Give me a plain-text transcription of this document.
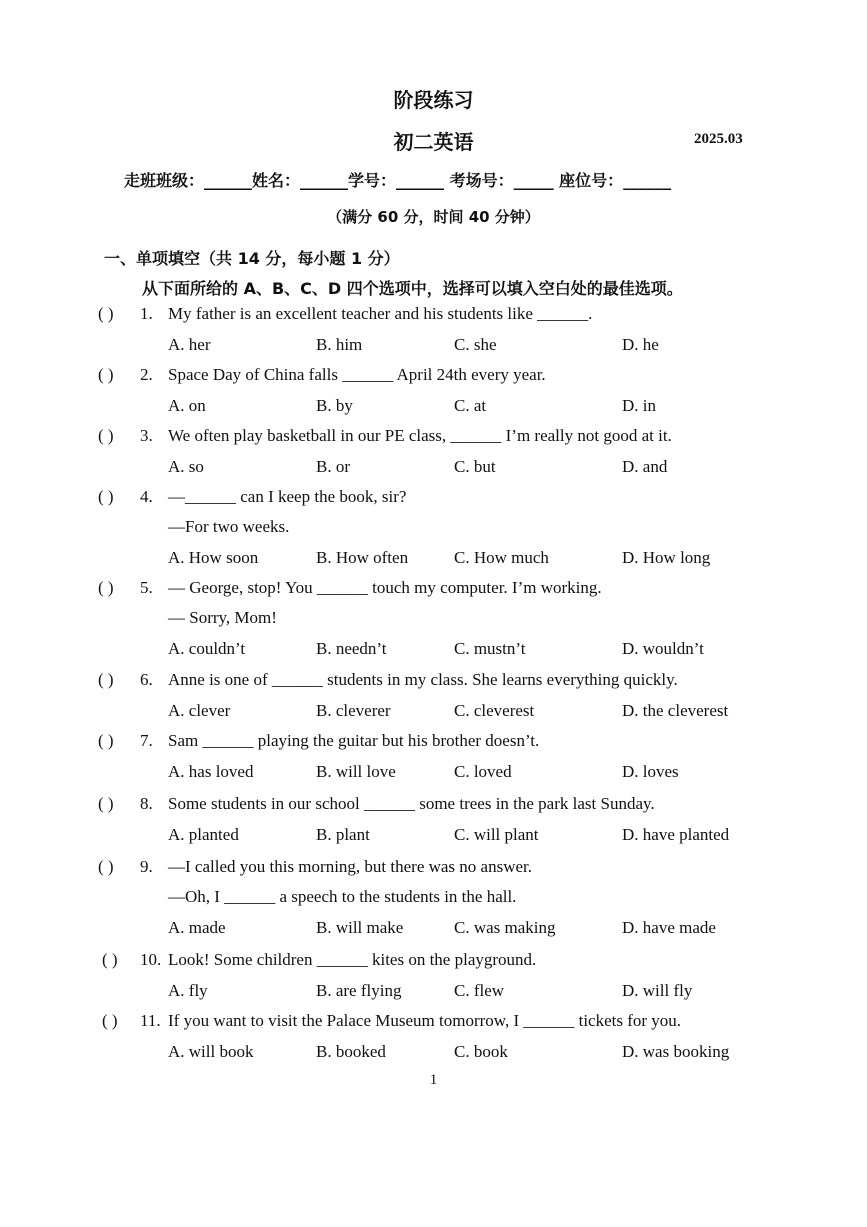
阶段练习
初二英语	2025.03
走班班级：______姓名：______学号：______ 考场号：_____ 座位号：______
（满分 60 分，时间 40 分钟）
一、单项填空（共 14 分，每小题 1 分）
从下面所给的 A、B、C、D 四个选项中，选择可以填入空白处的最佳选项。
( ) 1. My father is an excellent teacher and his students like ______.
A. her	B. him	C. she	D. he
( ) 2. Space Day of China falls ______ April 24th every year.
A. on	B. by	C. at	D. in
( ) 3. We often play basketball in our PE class, ______ I’m really not good at it.
A. so	B. or	C. but	D. and
( ) 4. —______ can I keep the book, sir?
—For two weeks.
A. How soon	B. How often	C. How much	D. How long
( ) 5. — George, stop! You ______ touch my computer. I’m working.
— Sorry, Mom!
A. couldn’t	B. needn’t	C. mustn’t	D. wouldn’t
( ) 6. Anne is one of ______ students in my class. She learns everything quickly.
A. clever	B. cleverer	C. cleverest	D. the cleverest
( ) 7. Sam ______ playing the guitar but his brother doesn’t.
A. has loved	B. will love	C. loved	D. loves
( ) 8. Some students in our school ______ some trees in the park last Sunday.
A. planted	B. plant	C. will plant	D. have planted
( ) 9. —I called you this morning, but there was no answer.
—Oh, I ______ a speech to the students in the hall.
A. made	B. will make	C. was making	D. have made
( ) 10. Look! Some children ______ kites on the playground.
A. fly	B. are flying	C. flew	D. will fly
( ) 11. If you want to visit the Palace Museum tomorrow, I ______ tickets for you.
A. will book	B. booked	C. book	D. was booking
1
